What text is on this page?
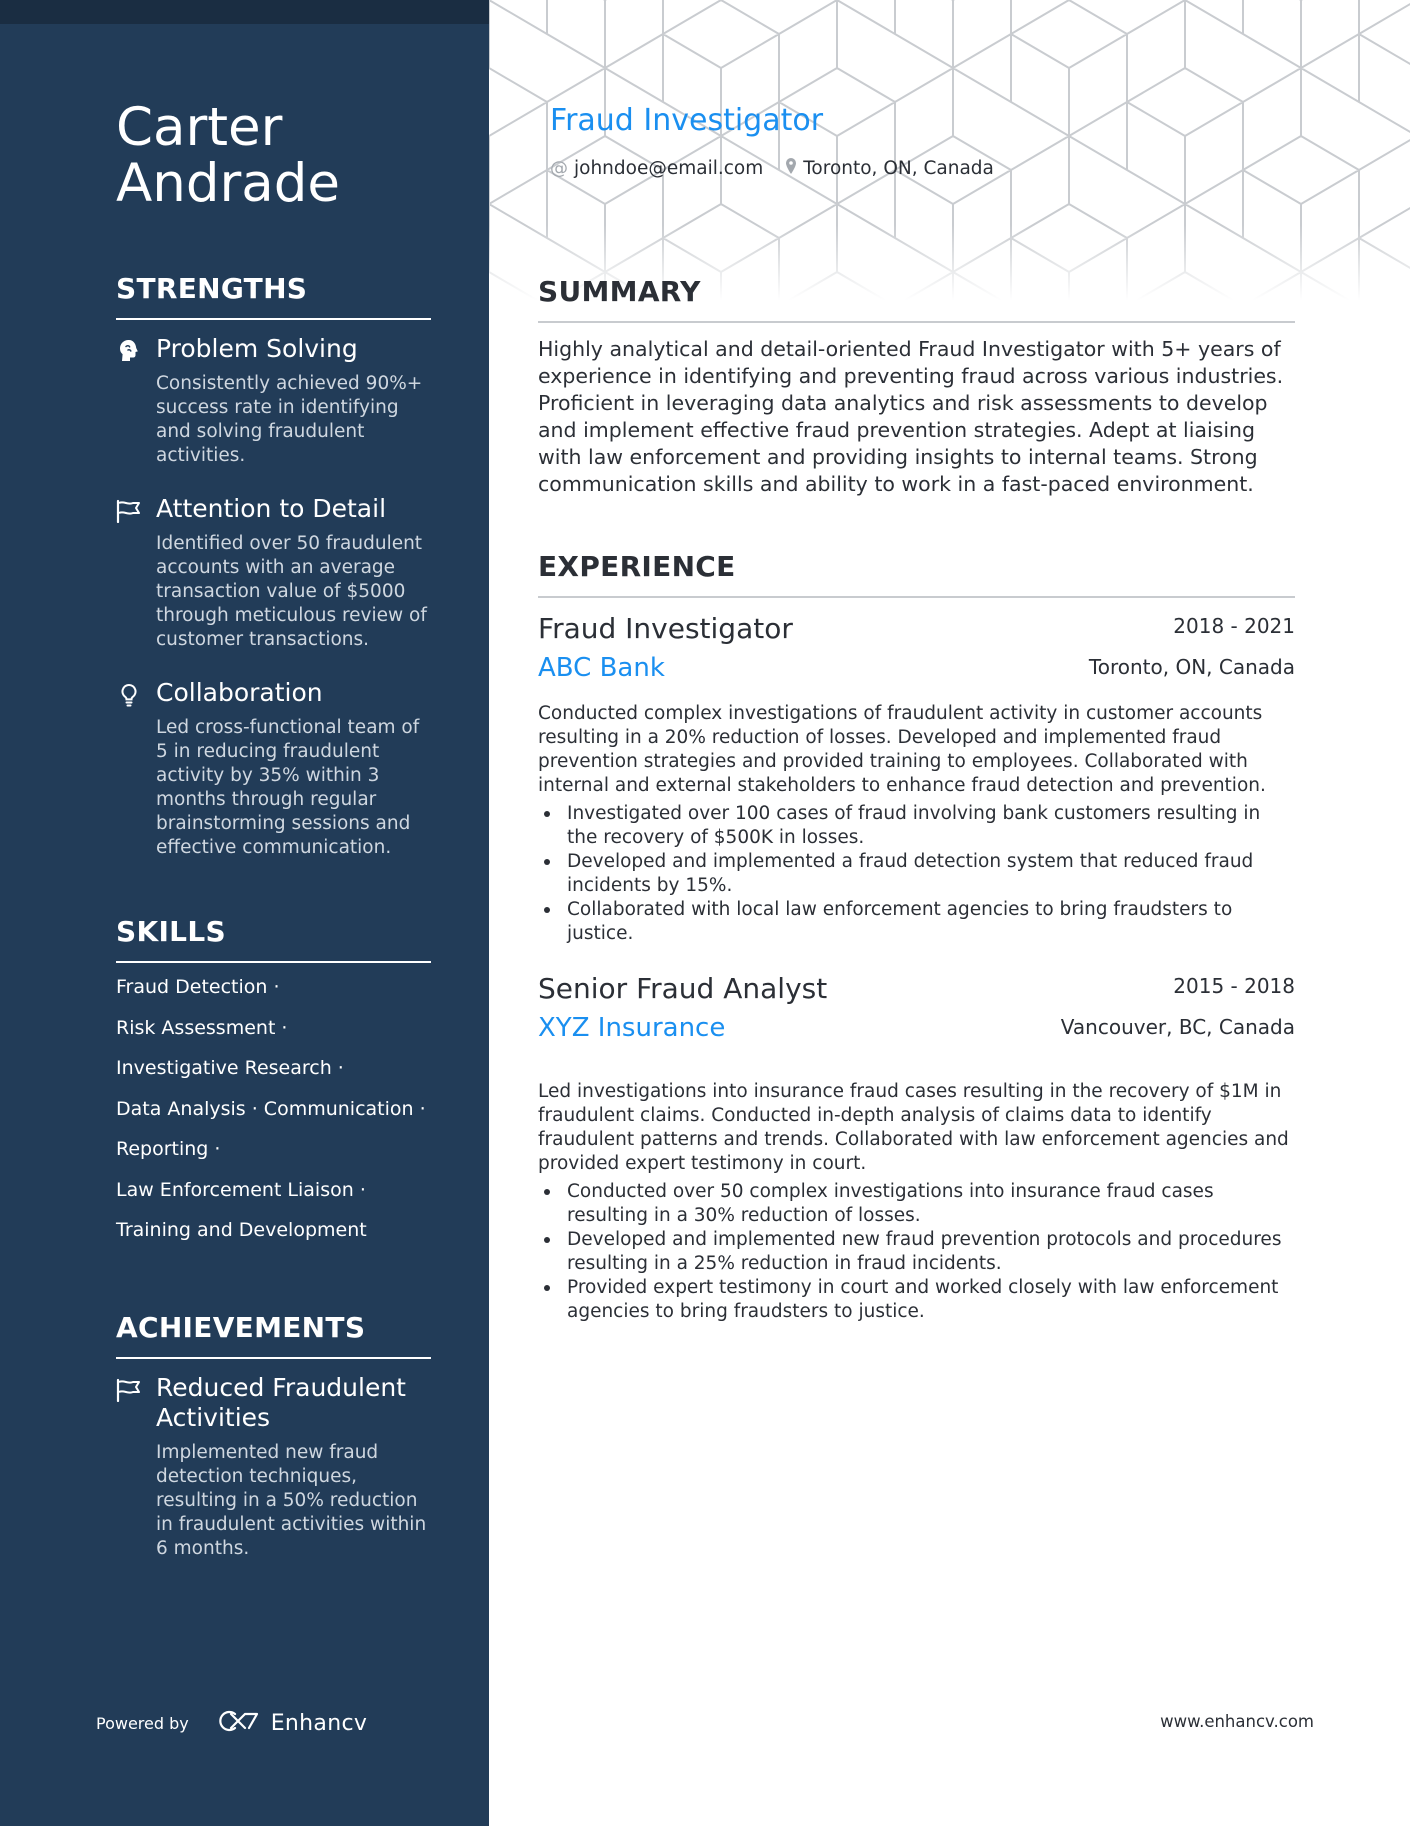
Carter
Andrade
STRENGTHS
Problem Solving
Consistently achieved 90%+ success rate in identifying and solving fraudulent activities.
Attention to Detail
Identified over 50 fraudulent accounts with an average transaction value of $5000 through meticulous review of customer transactions.
Collaboration
Led cross-functional team of 5 in reducing fraudulent activity by 35% within 3 months through regular brainstorming sessions and effective communication.
SKILLS
Fraud Detection ·
Risk Assessment ·
Investigative Research ·
Data Analysis · Communication ·
Reporting ·
Law Enforcement Liaison ·
Training and Development
ACHIEVEMENTS
Reduced Fraudulent Activities
Implemented new fraud detection techniques, resulting in a 50% reduction in fraudulent activities within 6 months.
Powered by	Enhancv
Fraud Investigator
@ johndoe@email.com Toronto, ON, Canada
SUMMARY

Highly analytical and detail-oriented Fraud Investigator with 5+ years of experience in identifying and preventing fraud across various industries. Proficient in leveraging data analytics and risk assessments to develop and implement effective fraud prevention strategies. Adept at liaising with law enforcement and providing insights to internal teams. Strong communication skills and ability to work in a fast-paced environment.

EXPERIENCE
Fraud Investigator	2018 - 2021
ABC Bank	Toronto, ON, Canada

Conducted complex investigations of fraudulent activity in customer accounts resulting in a 20% reduction of losses. Developed and implemented fraud prevention strategies and provided training to employees. Collaborated with internal and external stakeholders to enhance fraud detection and prevention.

Investigated over 100 cases of fraud involving bank customers resulting in the recovery of $500K in losses.
Developed and implemented a fraud detection system that reduced fraud incidents by 15%.
Collaborated with local law enforcement agencies to bring fraudsters to justice.
Senior Fraud Analyst	2015 - 2018
XYZ Insurance	Vancouver, BC, Canada

Led investigations into insurance fraud cases resulting in the recovery of $1M in fraudulent claims. Conducted in-depth analysis of claims data to identify fraudulent patterns and trends. Collaborated with law enforcement agencies and provided expert testimony in court.

Conducted over 50 complex investigations into insurance fraud cases resulting in a 30% reduction of losses.
Developed and implemented new fraud prevention protocols and procedures resulting in a 25% reduction in fraud incidents.
Provided expert testimony in court and worked closely with law enforcement agencies to bring fraudsters to justice.
www.enhancv.com
